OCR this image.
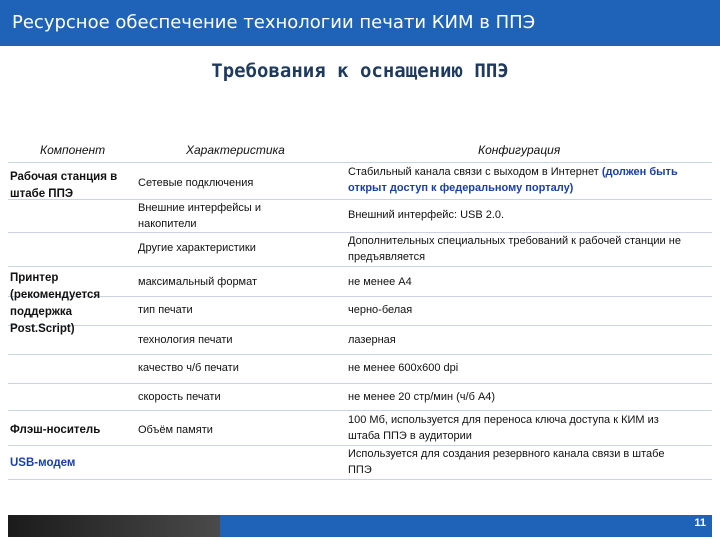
Ресурсное обеспечение технологии печати КИМ в ППЭ
Требования к оснащению ППЭ
Компонент	Характеристика	Конфигурация
Рабочая станция в штабе ППЭ
Принтер
(рекомендуется поддержка Post.Script)
Флэш-носитель
USB-модем
Сетевые подключения
Внешние интерфейсы и накопители
Другие характеристики
максимальный формат
тип печати
технология печати
качество ч/б печати
скорость печати
Объём памяти
Стабильный канала связи с выходом в Интернет (должен быть открыт доступ к федеральному порталу)
Внешний интерфейс: USB 2.0.
Дополнительных специальных требований к рабочей станции не предъявляется
не менее А4
черно-белая
лазерная
не менее 600х600 dpi
не менее 20 стр/мин (ч/б А4)
100 Мб, используется для переноса ключа доступа к КИМ из штаба ППЭ в аудитории
Используется для создания резервного канала связи в штабе ППЭ
11
